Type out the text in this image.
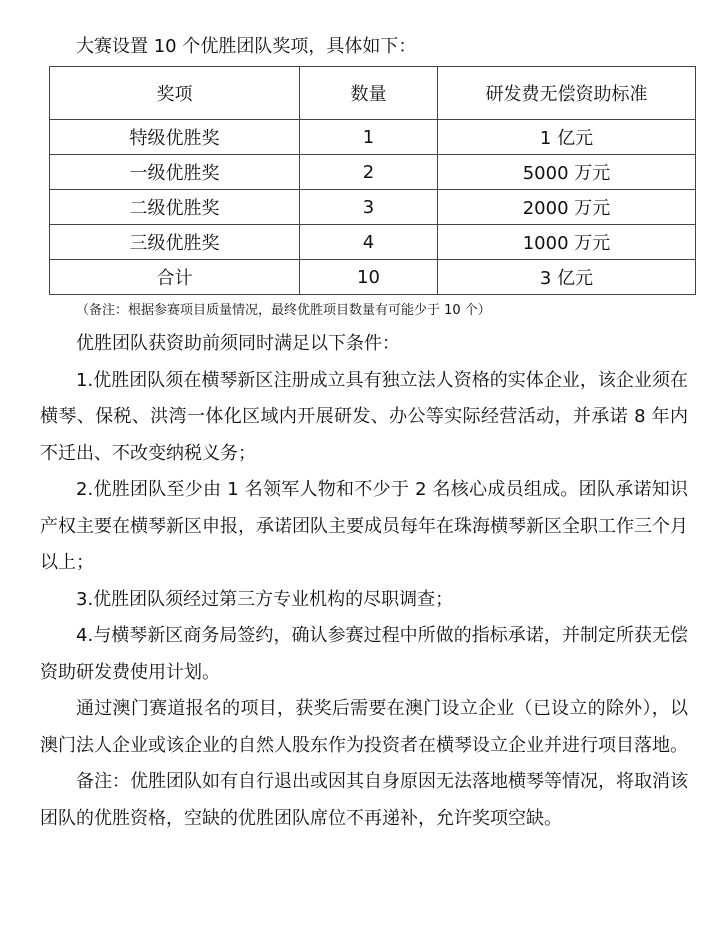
大赛设置 10 个优胜团队奖项，具体如下：
奖项	数量	研发费无偿资助标准
特级优胜奖	1	1 亿元
一级优胜奖	2	5000 万元
二级优胜奖	3	2000 万元
三级优胜奖	4	1000 万元
合计	10	3 亿元
（备注：根据参赛项目质量情况，最终优胜项目数量有可能少于 10 个）

优胜团队获资助前须同时满足以下条件：

1.优胜团队须在横琴新区注册成立具有独立法人资格的实体企业，该企业须在横琴、保税、洪湾一体化区域内开展研发、办公等实际经营活动，并承诺 8 年内不迁出、不改变纳税义务；

2.优胜团队至少由 1 名领军人物和不少于 2 名核心成员组成。团队承诺知识产权主要在横琴新区申报，承诺团队主要成员每年在珠海横琴新区全职工作三个月以上；

3.优胜团队须经过第三方专业机构的尽职调查；

4.与横琴新区商务局签约，确认参赛过程中所做的指标承诺，并制定所获无偿资助研发费使用计划。

通过澳门赛道报名的项目，获奖后需要在澳门设立企业（已设立的除外），以澳门法人企业或该企业的自然人股东作为投资者在横琴设立企业并进行项目落地。

备注：优胜团队如有自行退出或因其自身原因无法落地横琴等情况，将取消该团队的优胜资格，空缺的优胜团队席位不再递补，允许奖项空缺。
